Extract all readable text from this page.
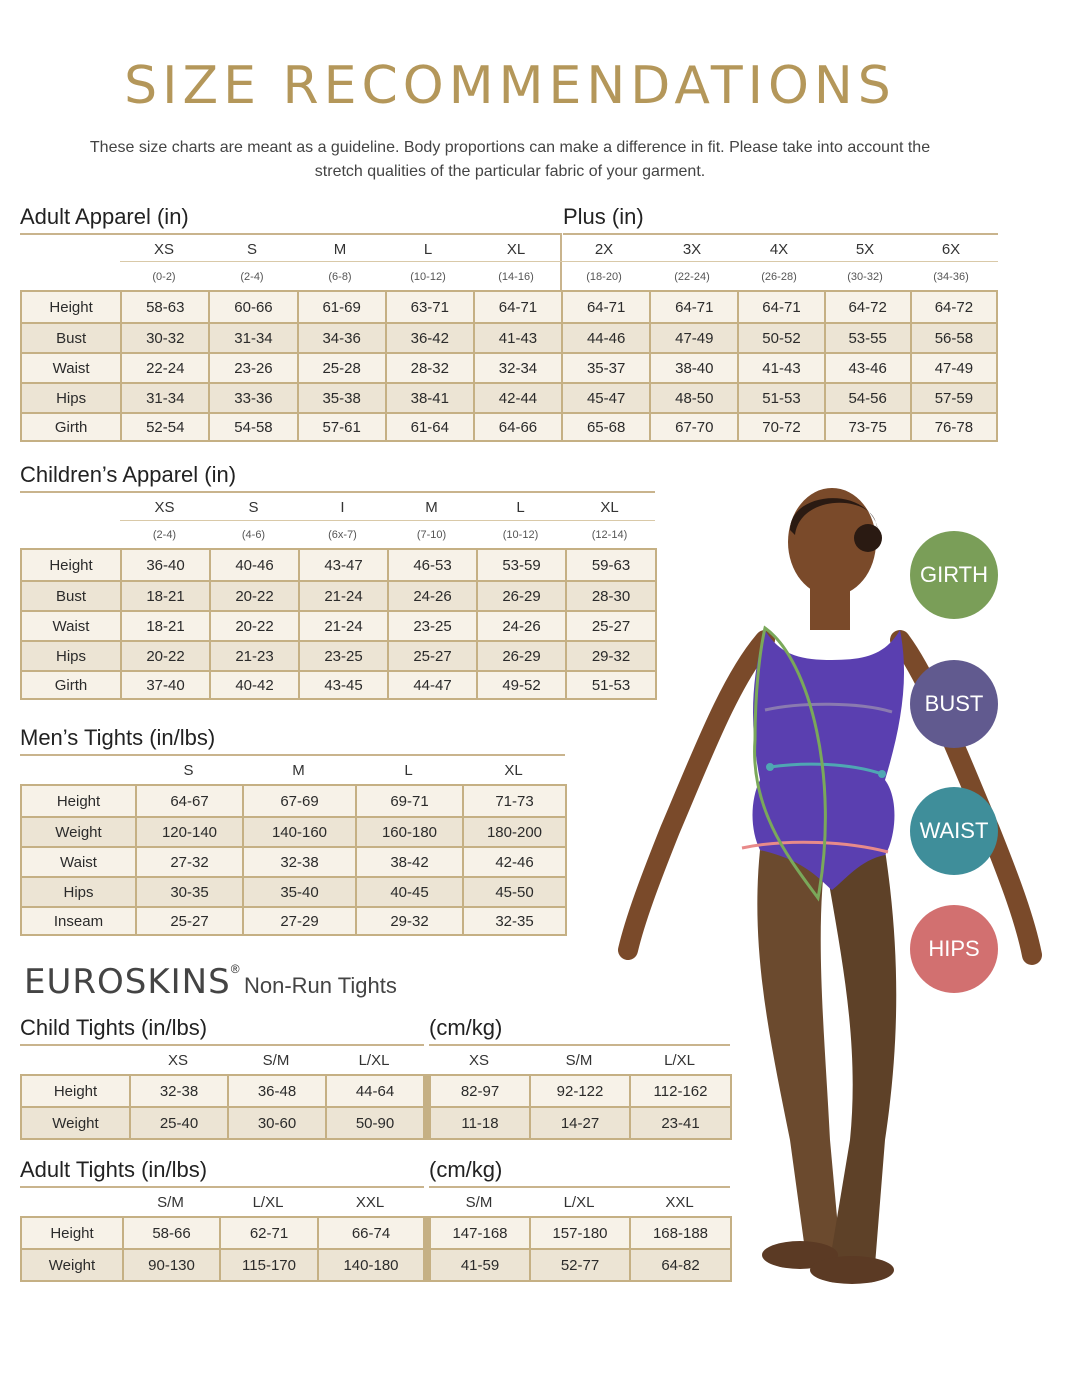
SIZE RECOMMENDATIONS
These size charts are meant as a guideline. Body proportions can make a difference in fit. Please take into account the stretch qualities of the particular fabric of your garment.
Adult Apparel (in)	Plus (in)
XS	S	M	L	XL	2X	3X	4X	5X	6X
(0-2)	(2-4)	(6-8)	(10-12)	(14-16)	(18-20)	(22-24)	(26-28)	(30-32)	(34-36)
Height	58-63	60-66	61-69	63-71	64-71	64-71	64-71	64-71	64-72	64-72
Bust	30-32	31-34	34-36	36-42	41-43	44-46	47-49	50-52	53-55	56-58
Waist	22-24	23-26	25-28	28-32	32-34	35-37	38-40	41-43	43-46	47-49
Hips	31-34	33-36	35-38	38-41	42-44	45-47	48-50	51-53	54-56	57-59
Girth	52-54	54-58	57-61	61-64	64-66	65-68	67-70	70-72	73-75	76-78
Children’s Apparel (in)
XS	S	I	M	L	XL
(2-4)	(4-6)	(6x-7)	(7-10)	(10-12)	(12-14)
Height	36-40	40-46	43-47	46-53	53-59	59-63
Bust	18-21	20-22	21-24	24-26	26-29	28-30
Waist	18-21	20-22	21-24	23-25	24-26	25-27
Hips	20-22	21-23	23-25	25-27	26-29	29-32
Girth	37-40	40-42	43-45	44-47	49-52	51-53
Men’s Tights (in/lbs)
S	M	L	XL
Height	64-67	67-69	69-71	71-73
Weight	120-140	140-160	160-180	180-200
Waist	27-32	32-38	38-42	42-46
Hips	30-35	35-40	40-45	45-50
Inseam	25-27	27-29	29-32	32-35
EUROSKINS® Non-Run Tights
Child Tights (in/lbs)	(cm/kg)
XS	S/M	L/XL	XS	S/M	L/XL
Height	32-38	36-48	44-64		82-97	92-122	112-162
Weight	25-40	30-60	50-90		11-18	14-27	23-41
Adult Tights (in/lbs)	(cm/kg)
S/M	L/XL	XXL	S/M	L/XL	XXL
Height	58-66	62-71	66-74		147-168	157-180	168-188
Weight	90-130	115-170	140-180		41-59	52-77	64-82
GIRTH
BUST
WAIST
HIPS
